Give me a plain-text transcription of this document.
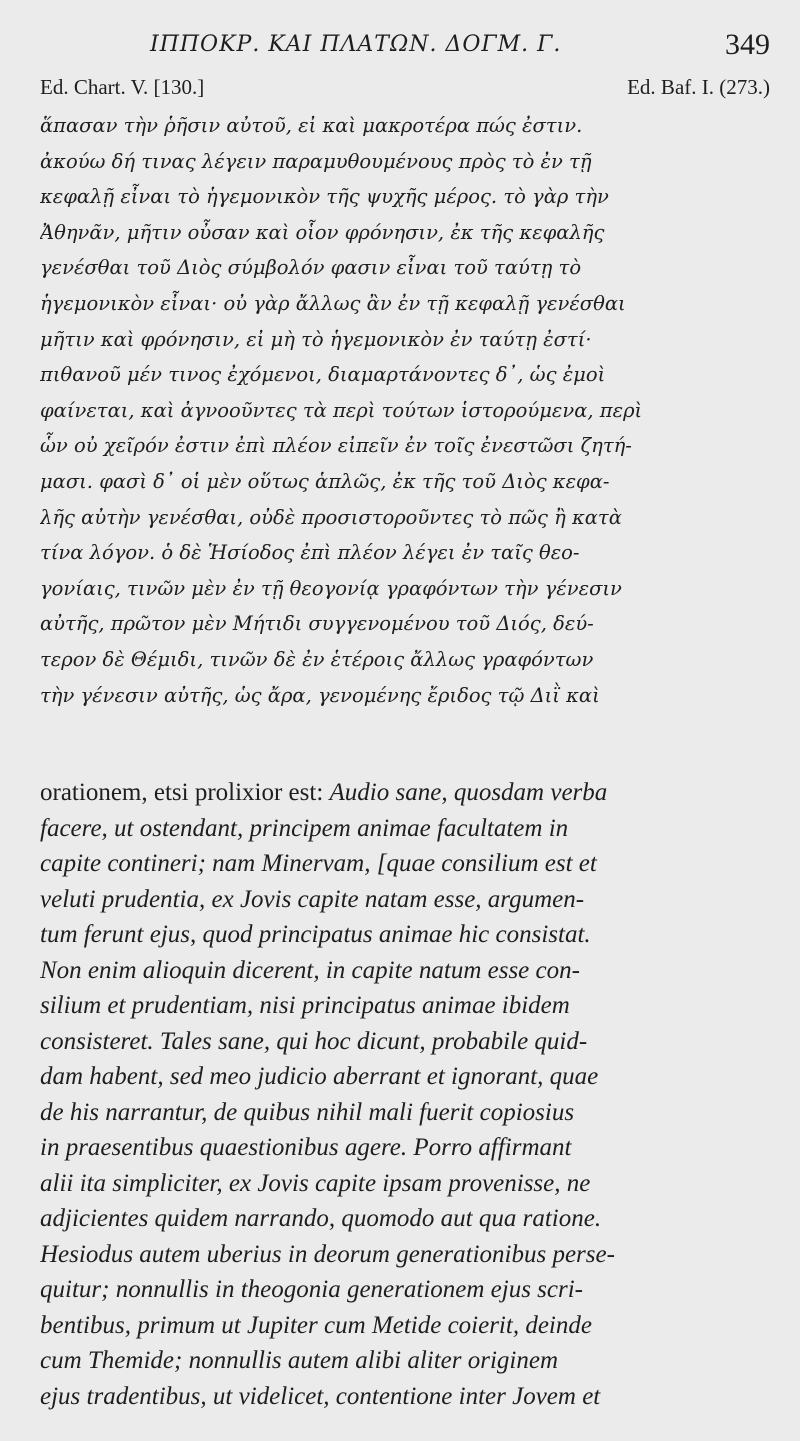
ΙΠΠΟΚΡ. ΚΑΙ ΠΛΑΤΩΝ. ΔΟΓΜ. Γ.	349
Ed. Chart. V. [130.]	Ed. Baf. I. (273.)
ἅπασαν τὴν ῥῆσιν αὐτοῦ, εἰ καὶ μακροτέρα πώς ἐστιν.
ἀκούω δή τινας λέγειν παραμυθουμένους πρὸς τὸ ἐν τῇ
κεφαλῇ εἶναι τὸ ἡγεμονικὸν τῆς ψυχῆς μέρος. τὸ γὰρ τὴν
Ἀθηνᾶν, μῆτιν οὖσαν καὶ οἷον φρόνησιν, ἐκ τῆς κεφαλῆς
γενέσθαι τοῦ Διὸς σύμβολόν φασιν εἶναι τοῦ ταύτῃ τὸ
ἡγεμονικὸν εἶναι· οὐ γὰρ ἄλλως ἂν ἐν τῇ κεφαλῇ γενέσθαι
μῆτιν καὶ φρόνησιν, εἰ μὴ τὸ ἡγεμονικὸν ἐν ταύτῃ ἐστί·
πιθανοῦ μέν τινος ἐχόμενοι, διαμαρτάνοντες δ᾽, ὡς ἐμοὶ
φαίνεται, καὶ ἀγνοοῦντες τὰ περὶ τούτων ἱστορούμενα, περὶ
ὧν οὐ χεῖρόν ἐστιν ἐπὶ πλέον εἰπεῖν ἐν τοῖς ἐνεστῶσι ζητή-
μασι. φασὶ δ᾽ οἱ μὲν οὕτως ἁπλῶς, ἐκ τῆς τοῦ Διὸς κεφα-
λῆς αὐτὴν γενέσθαι, οὐδὲ προσιστοροῦντες τὸ πῶς ἢ κατὰ
τίνα λόγον. ὁ δὲ Ἡσίοδος ἐπὶ πλέον λέγει ἐν ταῖς θεο-
γονίαις, τινῶν μὲν ἐν τῇ θεογονίᾳ γραφόντων τὴν γένεσιν
αὐτῆς, πρῶτον μὲν Μήτιδι συγγενομένου τοῦ Διός, δεύ-
τερον δὲ Θέμιδι, τινῶν δὲ ἐν ἑτέροις ἄλλως γραφόντων
τὴν γένεσιν αὐτῆς, ὡς ἄρα, γενομένης ἔριδος τῷ Διῒ καὶ
orationem, etsi prolixior est: Audio sane, quosdam verba
facere, ut ostendant, principem animae facultatem in
capite contineri; nam Minervam, [quae consilium est et
veluti prudentia, ex Jovis capite natam esse, argumen-
tum ferunt ejus, quod principatus animae hic consistat.
Non enim alioquin dicerent, in capite natum esse con-
silium et prudentiam, nisi principatus animae ibidem
consisteret. Tales sane, qui hoc dicunt, probabile quid-
dam habent, sed meo judicio aberrant et ignorant, quae
de his narrantur, de quibus nihil mali fuerit copiosius
in praesentibus quaestionibus agere. Porro affirmant
alii ita simpliciter, ex Jovis capite ipsam provenisse, ne
adjicientes quidem narrando, quomodo aut qua ratione.
Hesiodus autem uberius in deorum generationibus perse-
quitur; nonnullis in theogonia generationem ejus scri-
bentibus, primum ut Jupiter cum Metide coierit, deinde
cum Themide; nonnullis autem alibi aliter originem
ejus tradentibus, ut videlicet, contentione inter Jovem et
